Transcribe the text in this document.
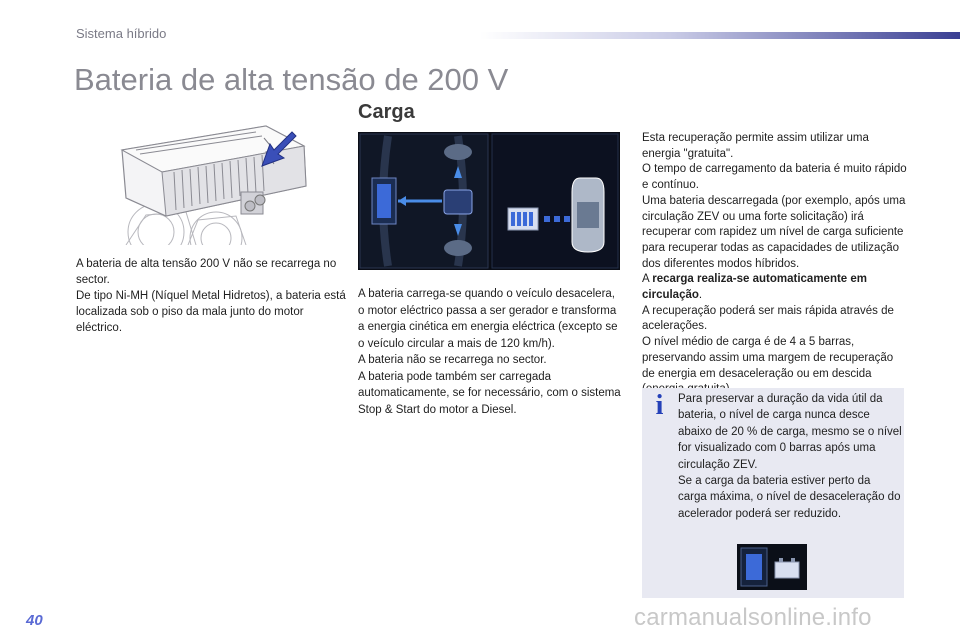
Sistema híbrido
Bateria de alta tensão de 200 V

A bateria de alta tensão 200 V não se recarrega no sector.

De tipo Ni-MH (Níquel Metal Hidretos), a bateria está localizada sob o piso da mala junto do motor eléctrico.

Carga

A bateria carrega-se quando o veículo desacelera, o motor eléctrico passa a ser gerador e transforma a energia cinética em energia eléctrica (excepto se o veículo circular a mais de 120 km/h).

A bateria não se recarrega no sector.

A bateria pode também ser carregada automaticamente, se for necessário, com o sistema Stop & Start do motor a Diesel.

Esta recuperação permite assim utilizar uma energia "gratuita".

O tempo de carregamento da bateria é muito rápido e contínuo.

Uma bateria descarregada (por exemplo, após uma circulação ZEV ou uma forte solicitação) irá recuperar com rapidez um nível de carga suficiente para recuperar todas as capacidades de utilização dos diferentes modos híbridos.

A recarga realiza-se automaticamente em circulação.

A recuperação poderá ser mais rápida através de acelerações.

O nível médio de carga é de 4 a 5 barras, preservando assim uma margem de recuperação de energia em desaceleração ou em descida

i Para preservar a duração da vida útil da bateria, o nível de carga nunca desce abaixo de 20 % de carga, mesmo se o nível for visualizado com 0 barras após uma circulação ZEV.

Se a carga da bateria estiver perto da carga máxima, o nível de desaceleração do acelerador poderá ser reduzido.

40	carmanualsonline.info
